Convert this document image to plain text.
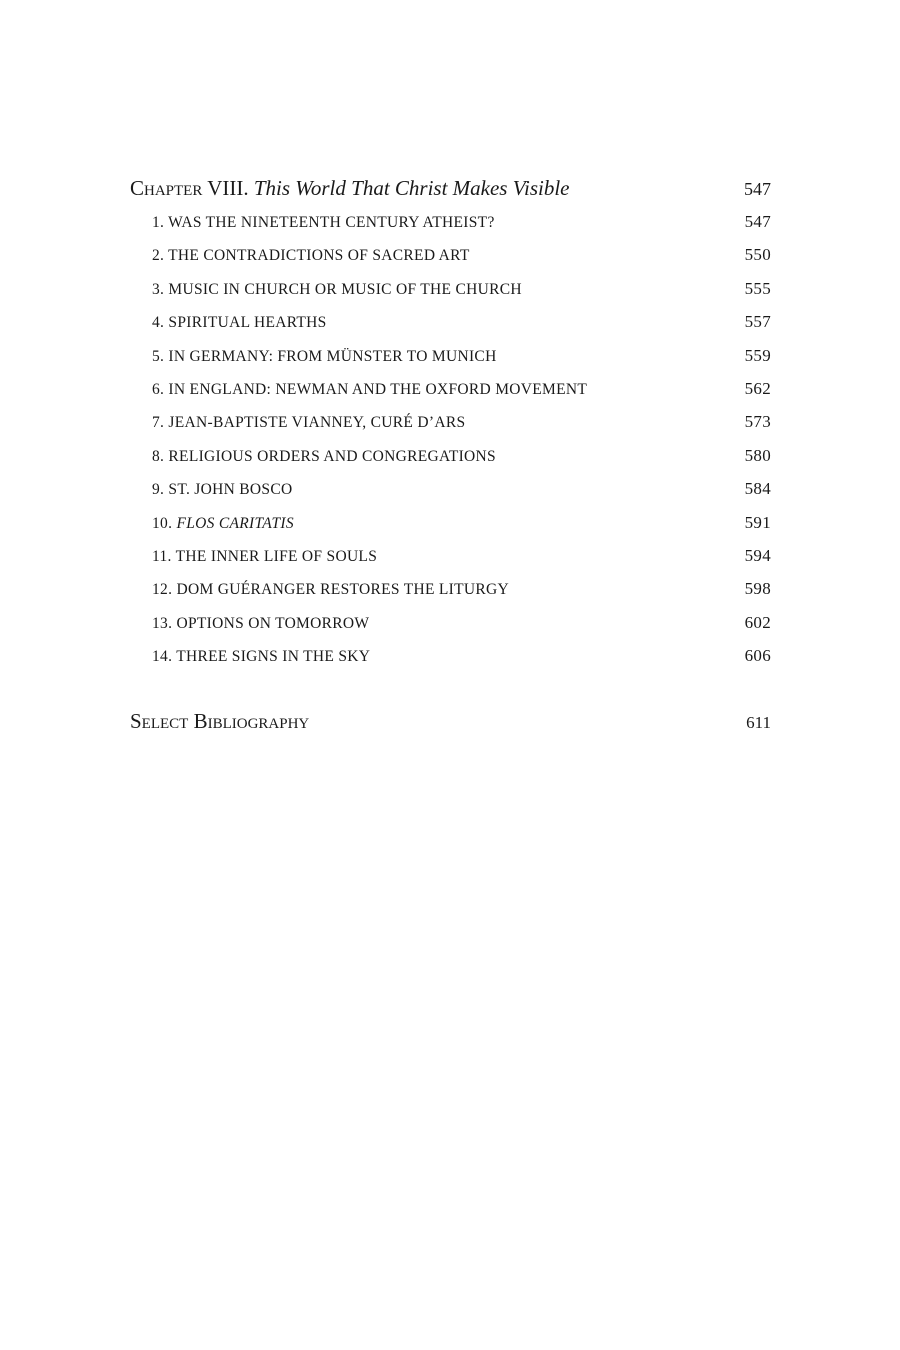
Chapter VIII. This World That Christ Makes Visible	547
1. WAS THE NINETEENTH CENTURY ATHEIST?	547
2. THE CONTRADICTIONS OF SACRED ART	550
3. MUSIC IN CHURCH OR MUSIC OF THE CHURCH	555
4. SPIRITUAL HEARTHS	557
5. IN GERMANY: FROM MÜNSTER TO MUNICH	559
6. IN ENGLAND: NEWMAN AND THE OXFORD MOVEMENT	562
7. JEAN-BAPTISTE VIANNEY, CURÉ D’ARS	573
8. RELIGIOUS ORDERS AND CONGREGATIONS	580
9. ST. JOHN BOSCO	584
10. FLOS CARITATIS	591
11. THE INNER LIFE OF SOULS	594
12. DOM GUÉRANGER RESTORES THE LITURGY	598
13. OPTIONS ON TOMORROW	602
14. THREE SIGNS IN THE SKY	606
Select Bibliography	611
